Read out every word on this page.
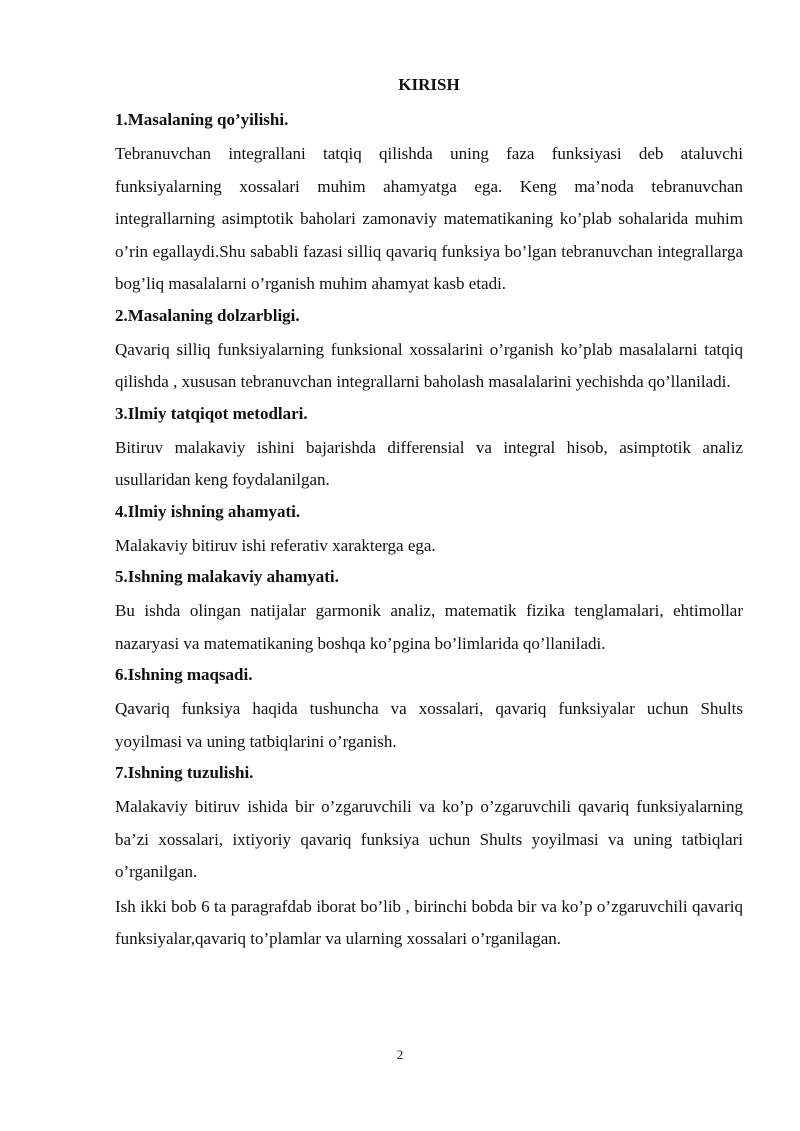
KIRISH
1.Masalaning qo’yilishi.
Tebranuvchan integrallani tatqiq qilishda uning faza funksiyasi deb ataluvchi funksiyalarning xossalari muhim ahamyatga ega. Keng ma’noda tebranuvchan integrallarning asimptotik baholari zamonaviy matematikaning ko’plab sohalarida muhim o’rin egallaydi.Shu sababli fazasi silliq qavariq funksiya bo’lgan tebranuvchan integrallarga bog’liq masalalarni o’rganish muhim ahamyat kasb etadi.
2.Masalaning dolzarbligi.
Qavariq silliq funksiyalarning funksional xossalarini o’rganish ko’plab masalalarni tatqiq qilishda , xususan tebranuvchan integrallarni baholash masalalarini yechishda qo’llaniladi.
3.Ilmiy tatqiqot metodlari.
Bitiruv malakaviy ishini bajarishda differensial va integral hisob, asimptotik analiz usullaridan keng foydalanilgan.
4.Ilmiy ishning ahamyati.
Malakaviy bitiruv ishi referativ xarakterga ega.
5.Ishning malakaviy ahamyati.
Bu ishda olingan natijalar garmonik analiz, matematik fizika tenglamalari, ehtimollar nazaryasi va matematikaning boshqa ko’pgina bo’limlarida qo’llaniladi.
6.Ishning maqsadi.
Qavariq funksiya haqida tushuncha va xossalari, qavariq funksiyalar uchun Shults yoyilmasi va uning tatbiqlarini o’rganish.
7.Ishning tuzulishi.
Malakaviy bitiruv ishida bir o’zgaruvchili va ko’p o’zgaruvchili qavariq funksiyalarning ba’zi xossalari, ixtiyoriy qavariq funksiya uchun Shults yoyilmasi va uning tatbiqlari o’rganilgan.
Ish ikki bob 6 ta paragrafdab iborat bo’lib , birinchi bobda bir va ko’p o’zgaruvchili qavariq funksiyalar,qavariq to’plamlar va ularning xossalari o’rganilagan.
2
